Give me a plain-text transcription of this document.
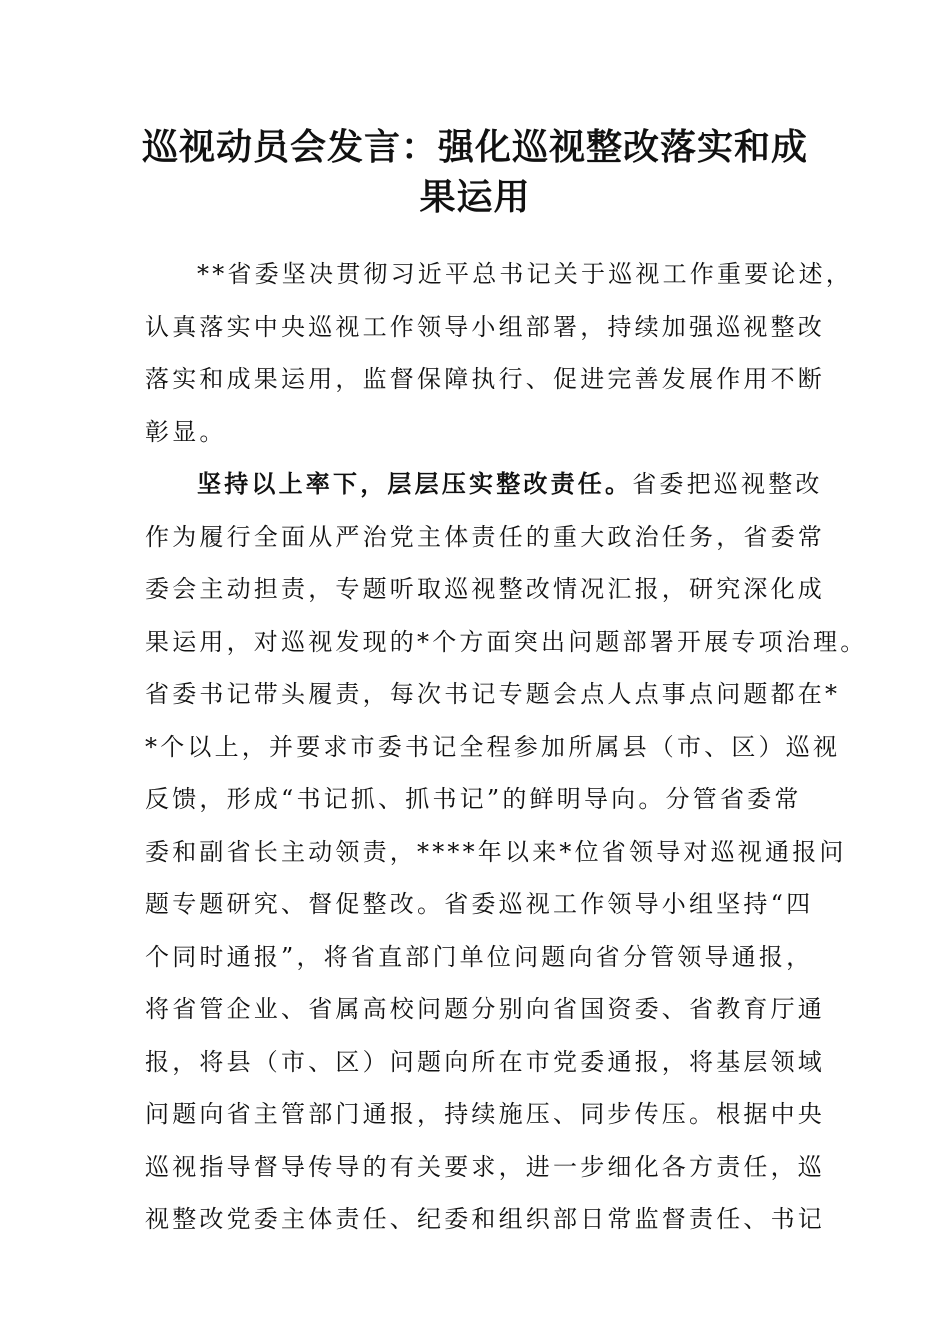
巡视动员会发言：强化巡视整改落实和成
果运用
**省委坚决贯彻习近平总书记关于巡视工作重要论述，
认真落实中央巡视工作领导小组部署，持续加强巡视整改
落实和成果运用，监督保障执行、促进完善发展作用不断
彰显。
坚持以上率下，层层压实整改责任。省委把巡视整改
作为履行全面从严治党主体责任的重大政治任务，省委常
委会主动担责，专题听取巡视整改情况汇报，研究深化成
果运用，对巡视发现的*个方面突出问题部署开展专项治理。
省委书记带头履责，每次书记专题会点人点事点问题都在*
*个以上，并要求市委书记全程参加所属县（市、区）巡视
反馈，形成“书记抓、抓书记”的鲜明导向。分管省委常
委和副省长主动领责，****年以来*位省领导对巡视通报问
题专题研究、督促整改。省委巡视工作领导小组坚持“四
个同时通报”，将省直部门单位问题向省分管领导通报，
将省管企业、省属高校问题分别向省国资委、省教育厅通
报，将县（市、区）问题向所在市党委通报，将基层领域
问题向省主管部门通报，持续施压、同步传压。根据中央
巡视指导督导传导的有关要求，进一步细化各方责任，巡
视整改党委主体责任、纪委和组织部日常监督责任、书记
